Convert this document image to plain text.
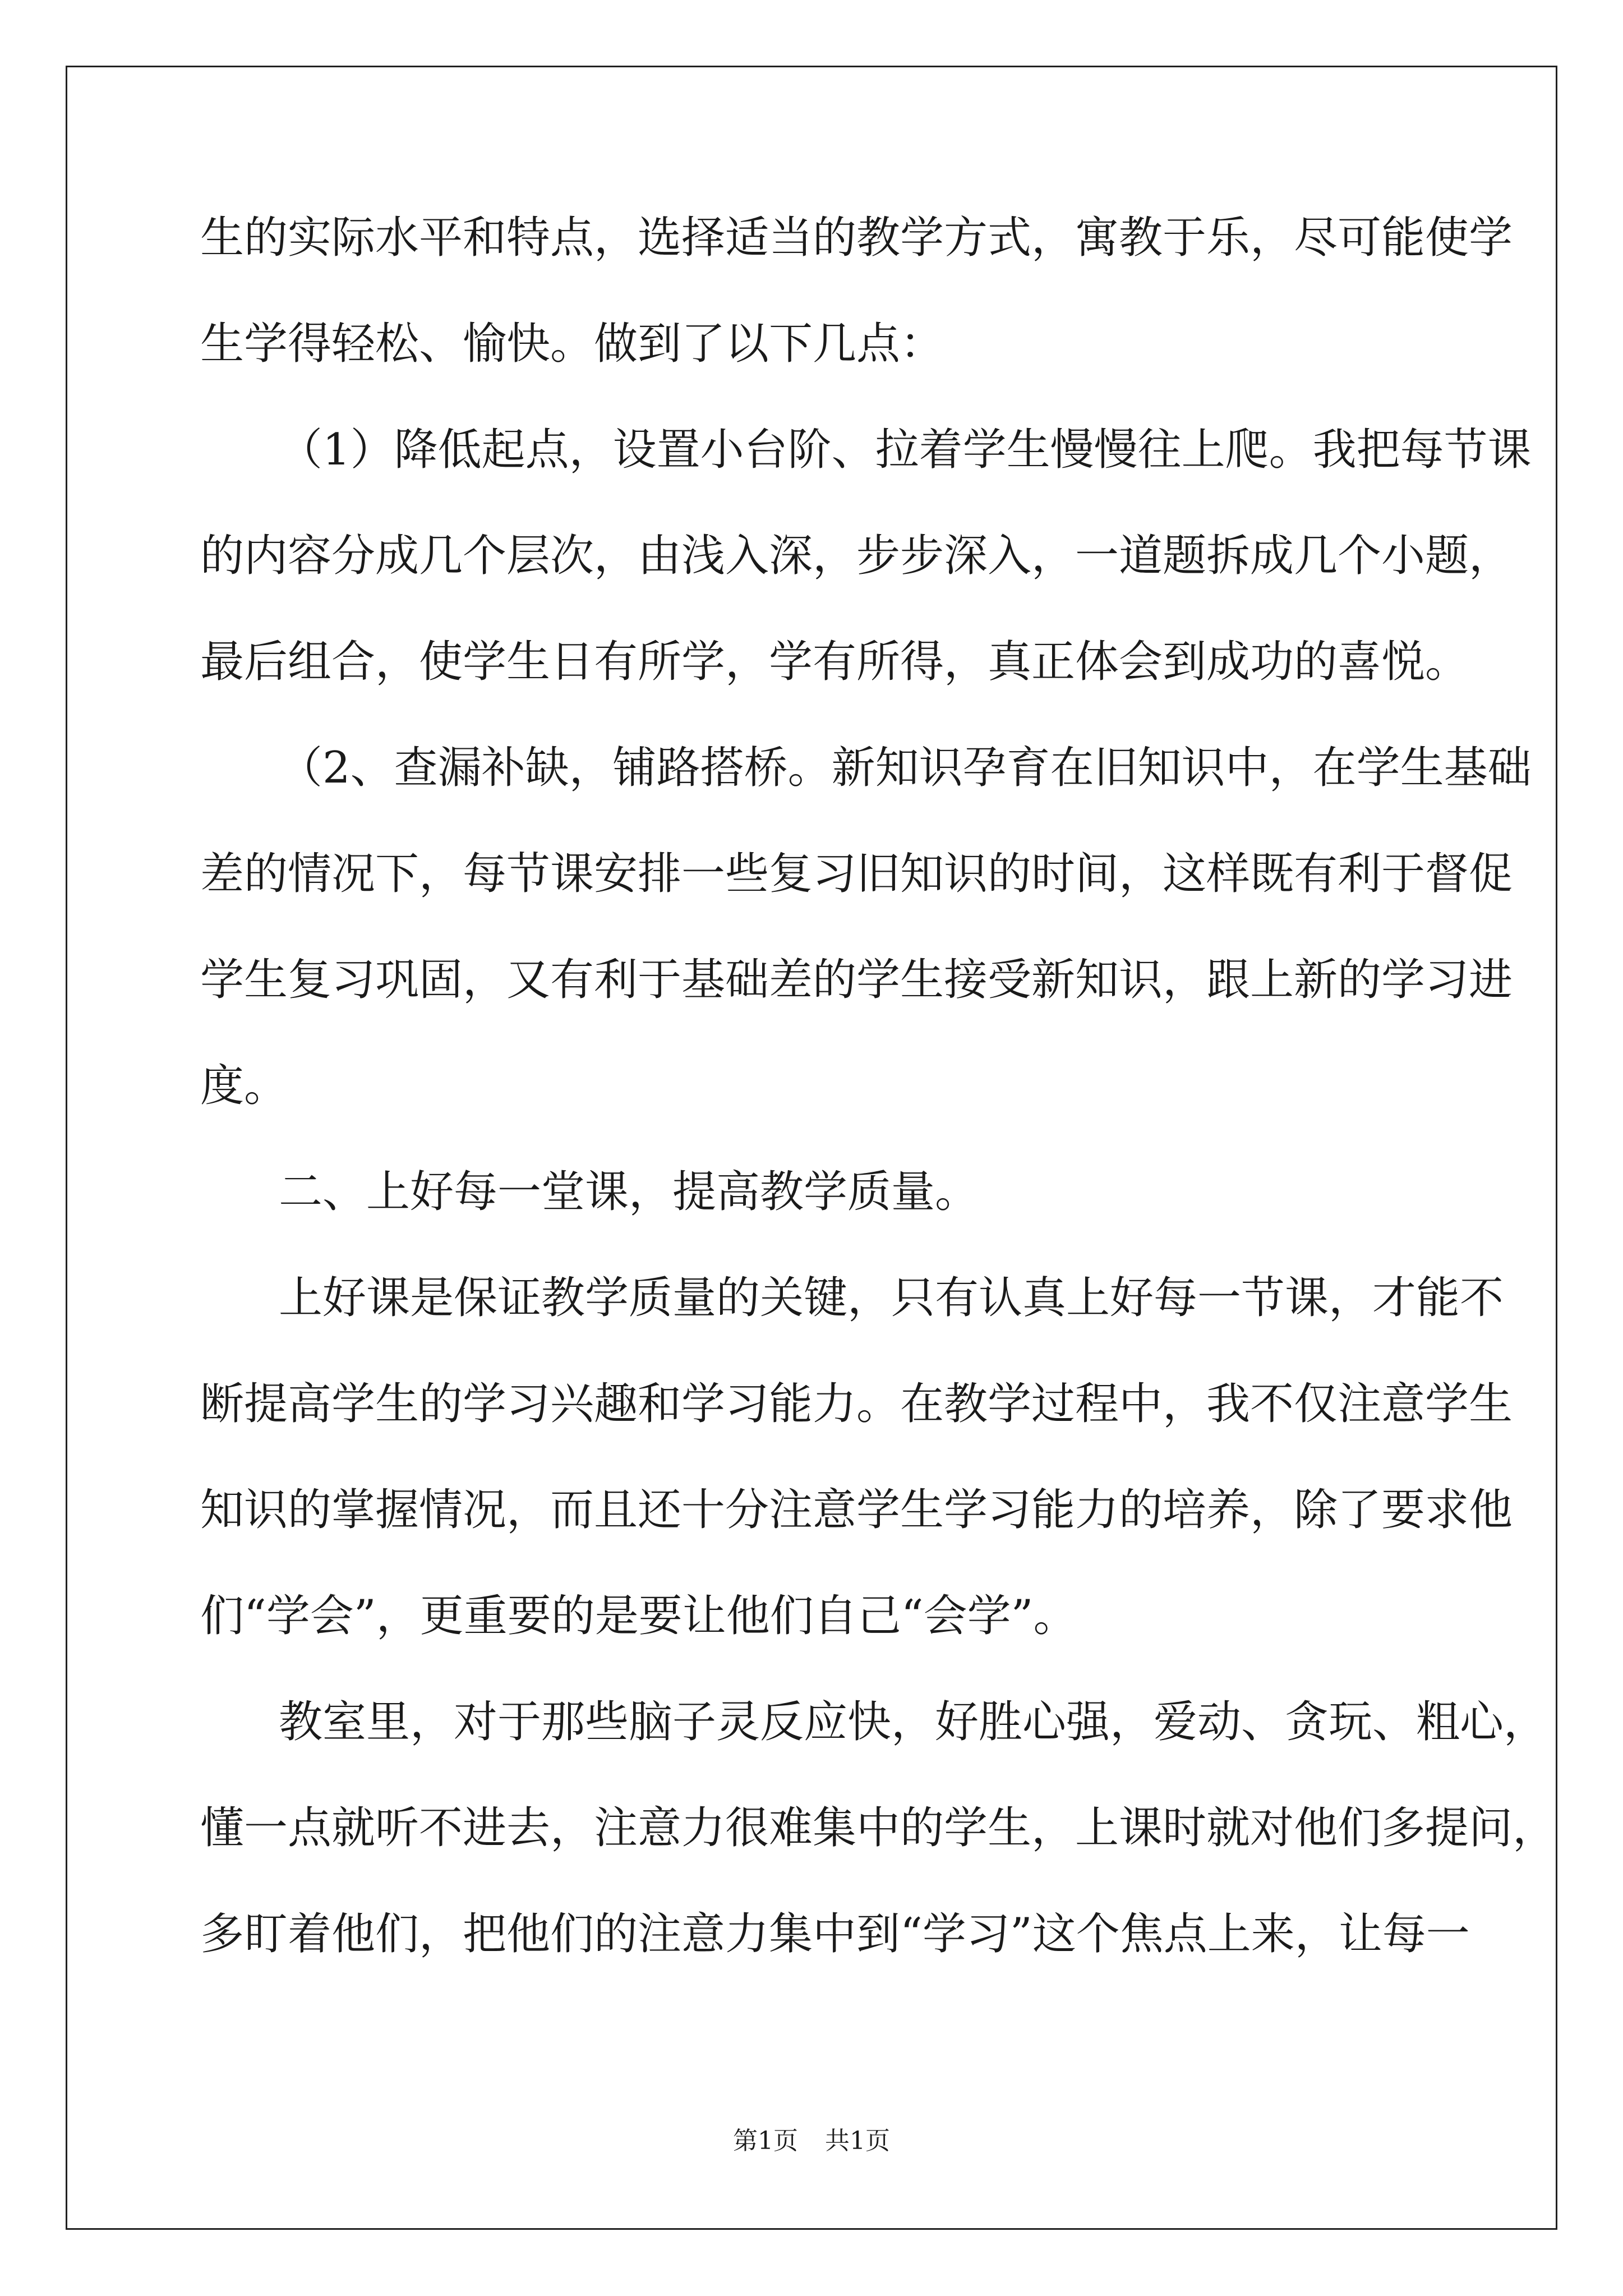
生的实际水平和特点，选择适当的教学方式，寓教于乐，尽可能使学
生学得轻松、愉快。做到了以下几点：
（1）降低起点，设置小台阶、拉着学生慢慢往上爬。我把每节课
的内容分成几个层次，由浅入深，步步深入，一道题拆成几个小题，
最后组合，使学生日有所学，学有所得，真正体会到成功的喜悦。
（2、查漏补缺，铺路搭桥。新知识孕育在旧知识中，在学生基础
差的情况下，每节课安排一些复习旧知识的时间，这样既有利于督促
学生复习巩固，又有利于基础差的学生接受新知识，跟上新的学习进
度。
二、上好每一堂课，提高教学质量。
上好课是保证教学质量的关键，只有认真上好每一节课，才能不
断提高学生的学习兴趣和学习能力。在教学过程中，我不仅注意学生
知识的掌握情况，而且还十分注意学生学习能力的培养，除了要求他
们“学会”，更重要的是要让他们自己“会学”。
教室里，对于那些脑子灵反应快，好胜心强，爱动、贪玩、粗心，
懂一点就听不进去，注意力很难集中的学生，上课时就对他们多提问，
多盯着他们，把他们的注意力集中到“学习”这个焦点上来，让每一
第1页 共1页
